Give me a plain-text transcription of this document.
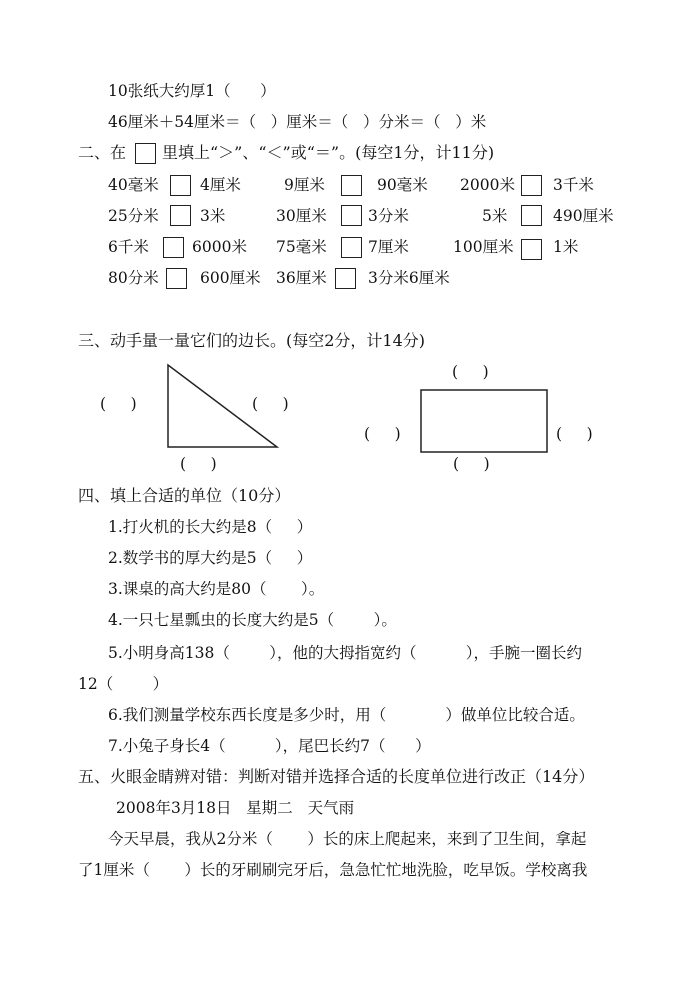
10张纸大约厚1（      ）
46厘米＋54厘米＝（   ）厘米＝（   ）分米＝（   ）米
二、在 里填上“＞”、“＜”或“＝”。(每空1分，计11分)
40毫米	4厘米	9厘米	90毫米 2000米 3千米
25分米	3米	30厘米	3分米	5米	490厘米
6千米	6000米 75毫米	7厘米	100厘米	1米
80分米	600厘米 36厘米	3分米6厘米
三、动手量一量它们的边长。(每空2分，计14分)
(     )	(     )
(     )
(     )
(     )	(     )
(     )
四、填上合适的单位（10分）
1.打火机的长大约是8（     ）
2.数学书的厚大约是5（     ）
3.课桌的高大约是80（       ）。
4.一只七星瓢虫的长度大约是5（        ）。
5.小明身高138（        ），他的大拇指宽约（          ），手腕一圈长约
12（        ）
6.我们测量学校东西长度是多少时，用（            ）做单位比较合适。
7.小兔子身长4（          ），尾巴长约7（      ）
五、火眼金睛辨对错：判断对错并选择合适的长度单位进行改正（14分）
2008年3月18日   星期二   天气雨
今天早晨，我从2分米（       ）长的床上爬起来，来到了卫生间，拿起
了1厘米（       ）长的牙刷刷完牙后，急急忙忙地洗脸，吃早饭。学校离我
